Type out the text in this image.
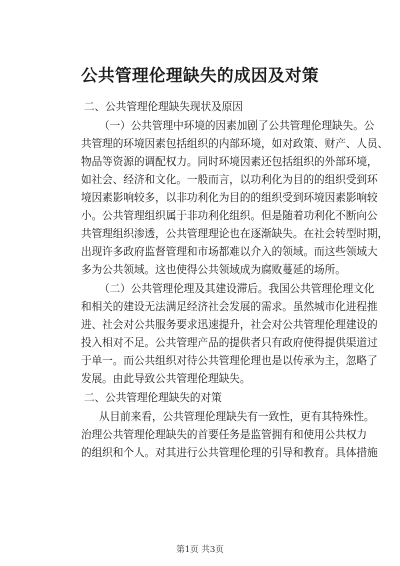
公共管理伦理缺失的成因及对策
二、公共管理伦理缺失现状及原因
（一）公共管理中环境的因素加剧了公共管理伦理缺失。公
共管理的环境因素包括组织的内部环境，如对政策、财产、人员、
物品等资源的调配权力。同时环境因素还包括组织的外部环境，
如社会、经济和文化。一般而言，以功利化为目的的组织受到环
境因素影响较多，以非功利化为目的的组织受到环境因素影响较
小。公共管理组织属于非功利化组织。但是随着功利化不断向公
共管理组织渗透，公共管理理论也在逐渐缺失。在社会转型时期，
出现许多政府监督管理和市场都难以介入的领域。而这些领域大
多为公共领域。这也使得公共领域成为腐败蔓延的场所。
（二）公共管理伦理及其建设滞后。我国公共管理伦理文化
和相关的建设无法满足经济社会发展的需求。虽然城市化进程推
进、社会对公共服务要求迅速提升，社会对公共管理伦理建设的
投入相对不足。公共管理产品的提供者只有政府使得提供渠道过
于单一。而公共组织对待公共管理伦理也是以传承为主，忽略了
发展。由此导致公共管理伦理缺失。
二、公共管理伦理缺失的对策
从目前来看，公共管理伦理缺失有一致性，更有其特殊性。
治理公共管理伦理缺失的首要任务是监管拥有和使用公共权力
的组织和个人。对其进行公共管理伦理的引导和教育。具体措施
第1页 共3页
